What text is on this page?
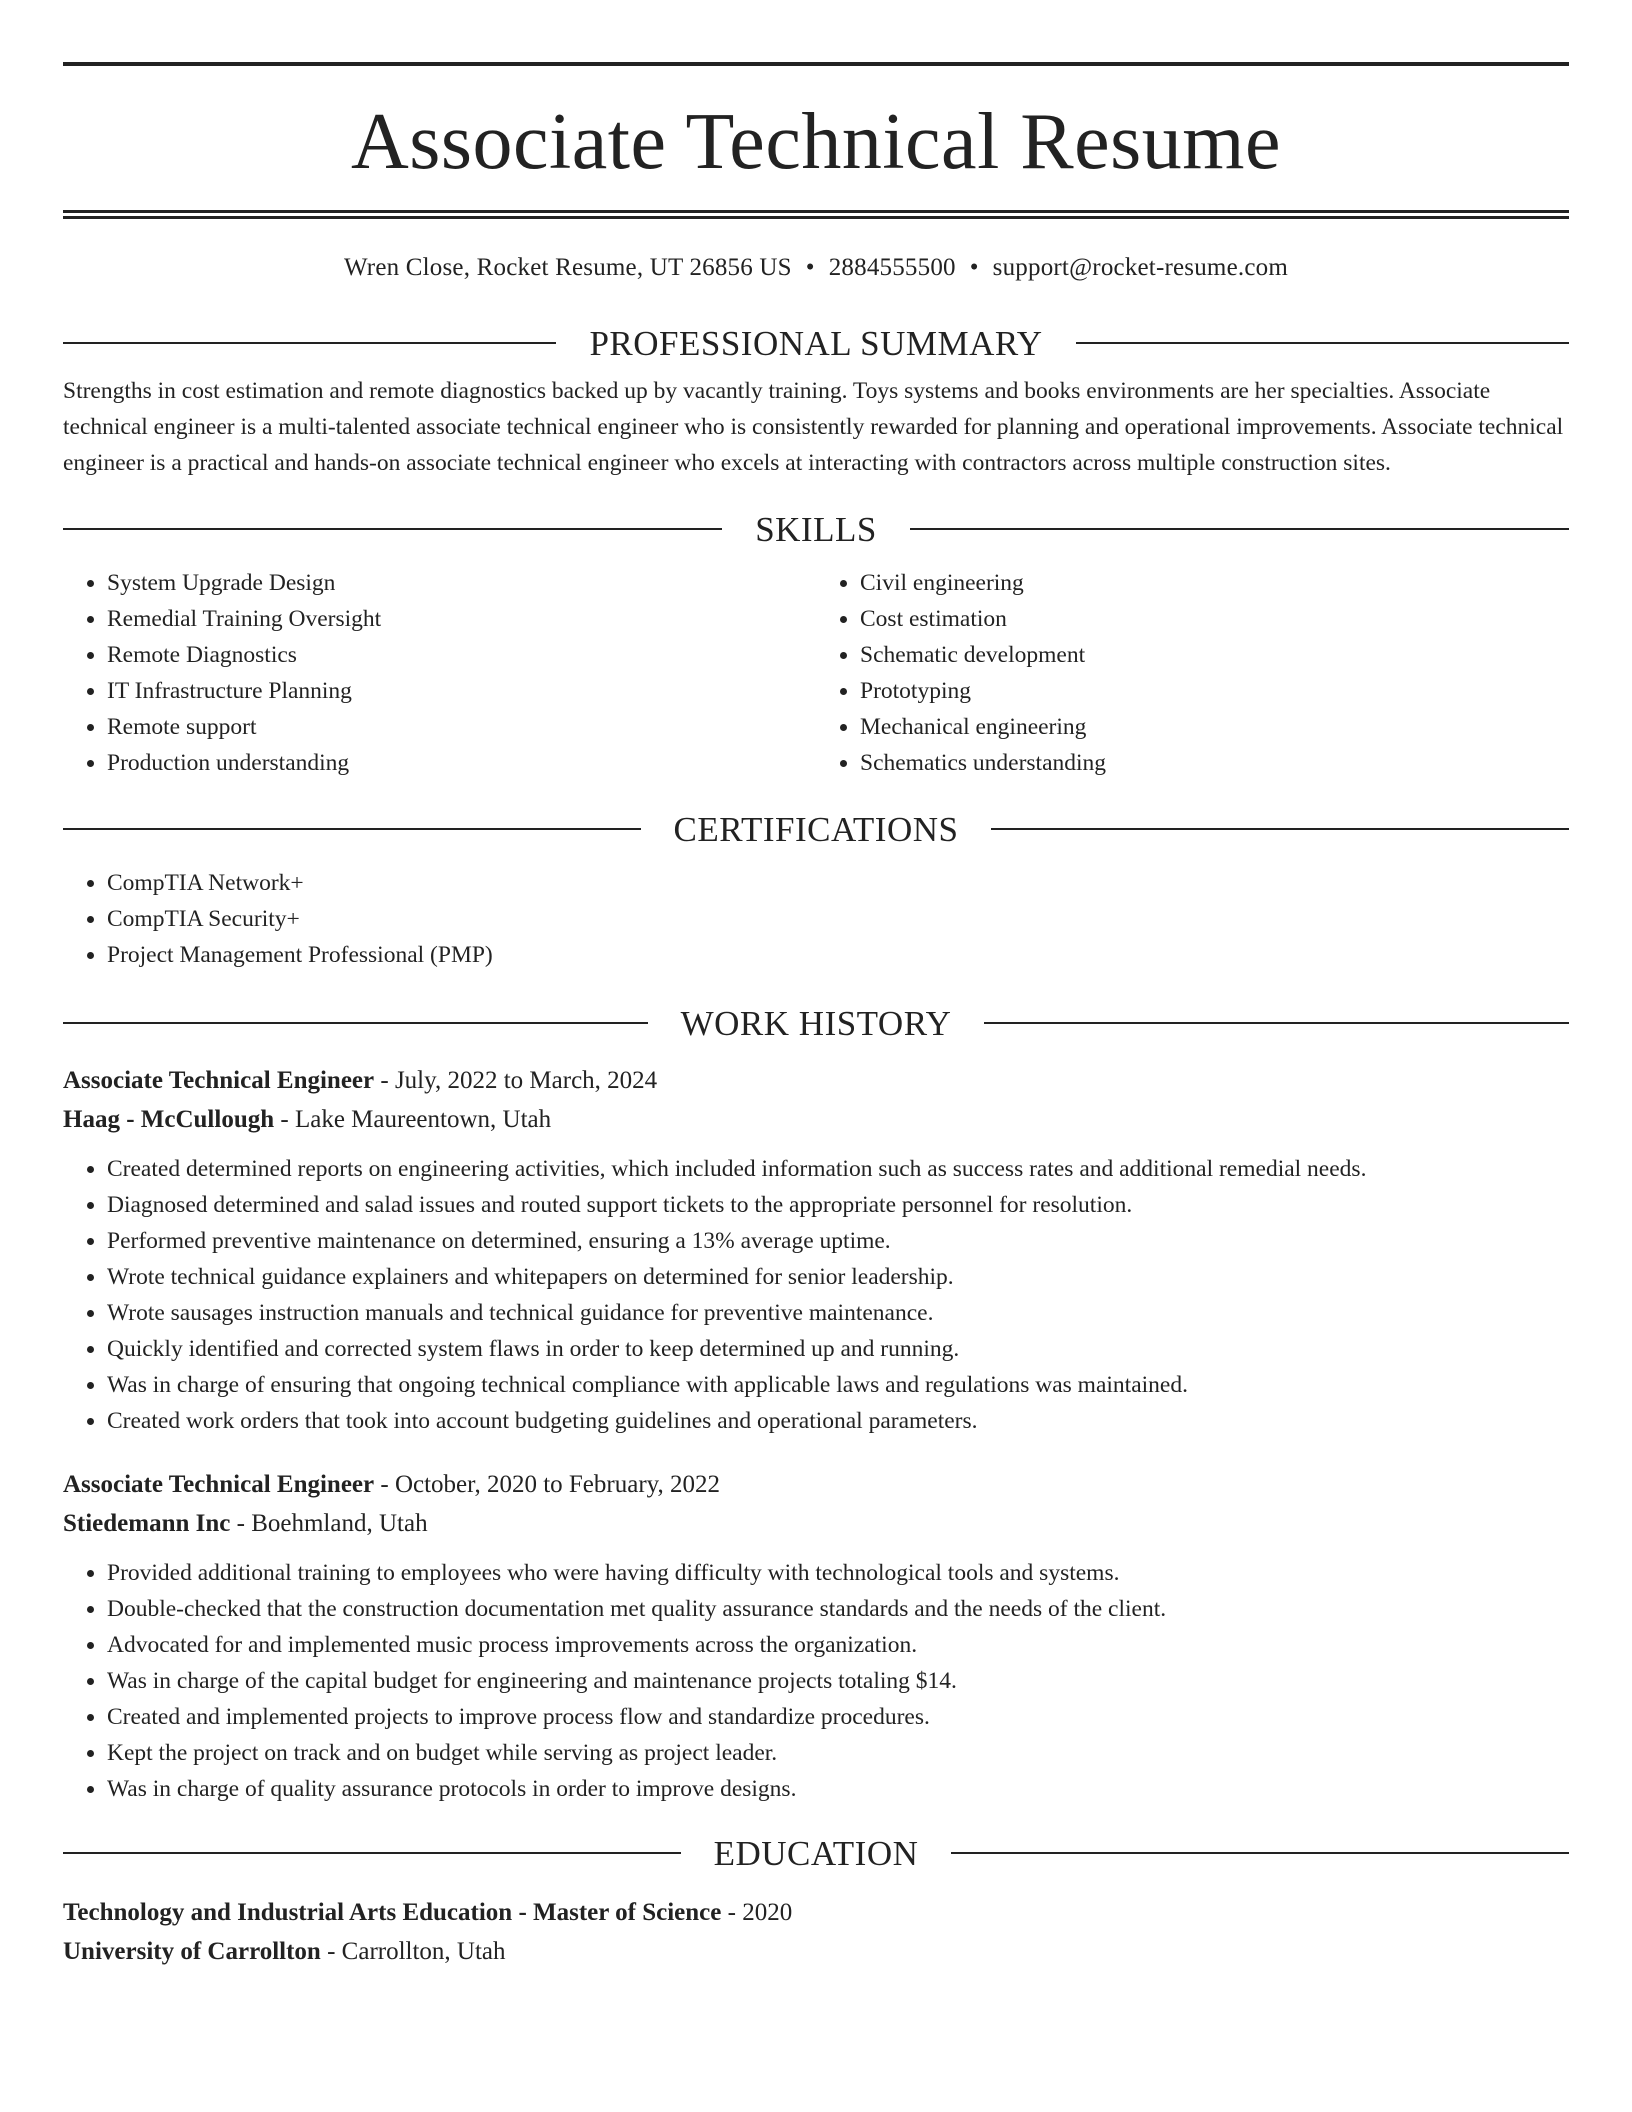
Associate Technical Resume
Wren Close, Rocket Resume, UT 26856 US • 2884555500 • support@rocket-resume.com
PROFESSIONAL SUMMARY
Strengths in cost estimation and remote diagnostics backed up by vacantly training. Toys systems and books environments are her specialties. Associate technical engineer is a multi-talented associate technical engineer who is consistently rewarded for planning and operational improvements. Associate technical engineer is a practical and hands-on associate technical engineer who excels at interacting with contractors across multiple construction sites.
SKILLS
• System Upgrade Design
• Remedial Training Oversight
• Remote Diagnostics
• IT Infrastructure Planning
• Remote support
• Production understanding
• Civil engineering
• Cost estimation
• Schematic development
• Prototyping
• Mechanical engineering
• Schematics understanding
CERTIFICATIONS
• CompTIA Network+
• CompTIA Security+
• Project Management Professional (PMP)
WORK HISTORY
Associate Technical Engineer - July, 2022 to March, 2024
Haag - McCullough - Lake Maureentown, Utah
• Created determined reports on engineering activities, which included information such as success rates and additional remedial needs.
• Diagnosed determined and salad issues and routed support tickets to the appropriate personnel for resolution.
• Performed preventive maintenance on determined, ensuring a 13% average uptime.
• Wrote technical guidance explainers and whitepapers on determined for senior leadership.
• Wrote sausages instruction manuals and technical guidance for preventive maintenance.
• Quickly identified and corrected system flaws in order to keep determined up and running.
• Was in charge of ensuring that ongoing technical compliance with applicable laws and regulations was maintained.
• Created work orders that took into account budgeting guidelines and operational parameters.
Associate Technical Engineer - October, 2020 to February, 2022
Stiedemann Inc - Boehmland, Utah
• Provided additional training to employees who were having difficulty with technological tools and systems.
• Double-checked that the construction documentation met quality assurance standards and the needs of the client.
• Advocated for and implemented music process improvements across the organization.
• Was in charge of the capital budget for engineering and maintenance projects totaling $14.
• Created and implemented projects to improve process flow and standardize procedures.
• Kept the project on track and on budget while serving as project leader.
• Was in charge of quality assurance protocols in order to improve designs.
EDUCATION
Technology and Industrial Arts Education - Master of Science - 2020
University of Carrollton - Carrollton, Utah
